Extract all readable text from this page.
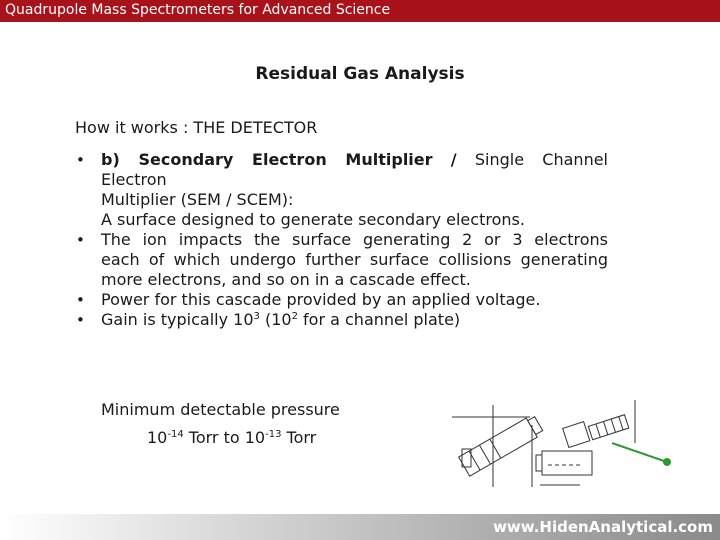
Quadrupole Mass Spectrometers for Advanced Science
Residual Gas Analysis
How it works : THE DETECTOR
• b) Secondary Electron Multiplier / Single Channel
Electron
Multiplier (SEM / SCEM):
A surface designed to generate secondary electrons.
• The ion impacts the surface generating 2 or 3 electrons
each of which undergo further surface collisions generating
more electrons, and so on in a cascade effect.
• Power for this cascade provided by an applied voltage.
• Gain is typically $10^3$ ($10^2$ for a channel plate)
Minimum detectable pressure
$10^{-14}$ Torr to $10^{-13}$ Torr
www.HidenAnalytical.com
